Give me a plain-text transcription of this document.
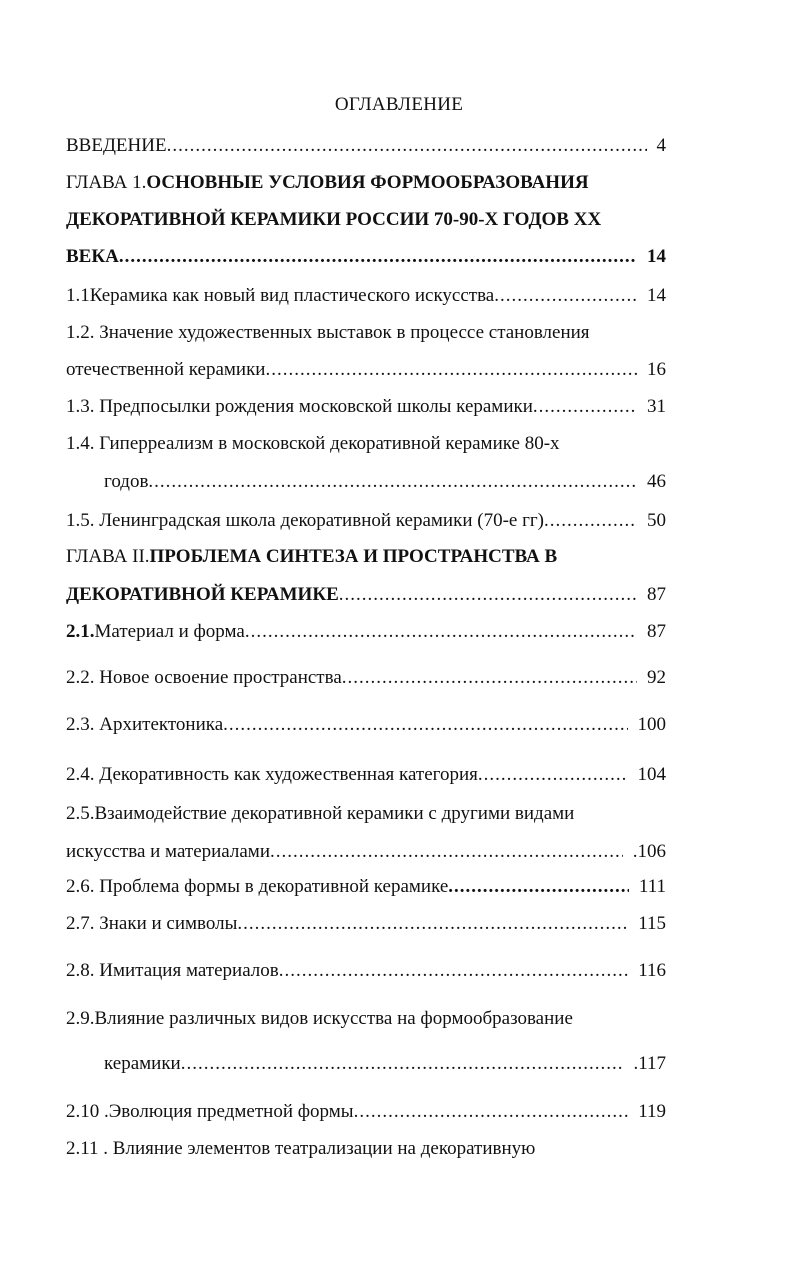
ОГЛАВЛЕНИЕ
ВВЕДЕНИЕ .....	4
ГЛАВА 1. ОСНОВНЫЕ УСЛОВИЯ ФОРМООБРАЗОВАНИЯ
ДЕКОРАТИВНОЙ КЕРАМИКИ РОССИИ 70-90-Х ГОДОВ XX
ВЕКА .....	14
1.1Керамика как новый вид пластического искусства .....	14
1.2. Значение художественных выставок в процессе становления
отечественной керамики .....	16
1.3. Предпосылки рождения московской школы керамики .....	31
1.4. Гиперреализм в московской декоративной керамике 80-х
годов .....	46
1.5. Ленинградская школа декоративной керамики (70-е гг) .....	50
ГЛАВА II. ПРОБЛЕМА СИНТЕЗА И ПРОСТРАНСТВА В
ДЕКОРАТИВНОЙ КЕРАМИКЕ .....	87
2.1. Материал и форма .....	87
2.2. Новое освоение пространства .....	92
2.3. Архитектоника .....	100
2.4. Декоративность как художественная категория .....	104
2.5.Взаимодействие декоративной керамики с другими видами
искусства и материалами .....	.106
2.6. Проблема формы в декоративной керамике .....	111
2.7. Знаки и символы .....	115
2.8. Имитация материалов .....	116
2.9.Влияние различных видов искусства на формообразование
керамики .....	.117
2.10 .Эволюция предметной формы .....	119
2.11 . Влияние элементов театрализации на декоративную
